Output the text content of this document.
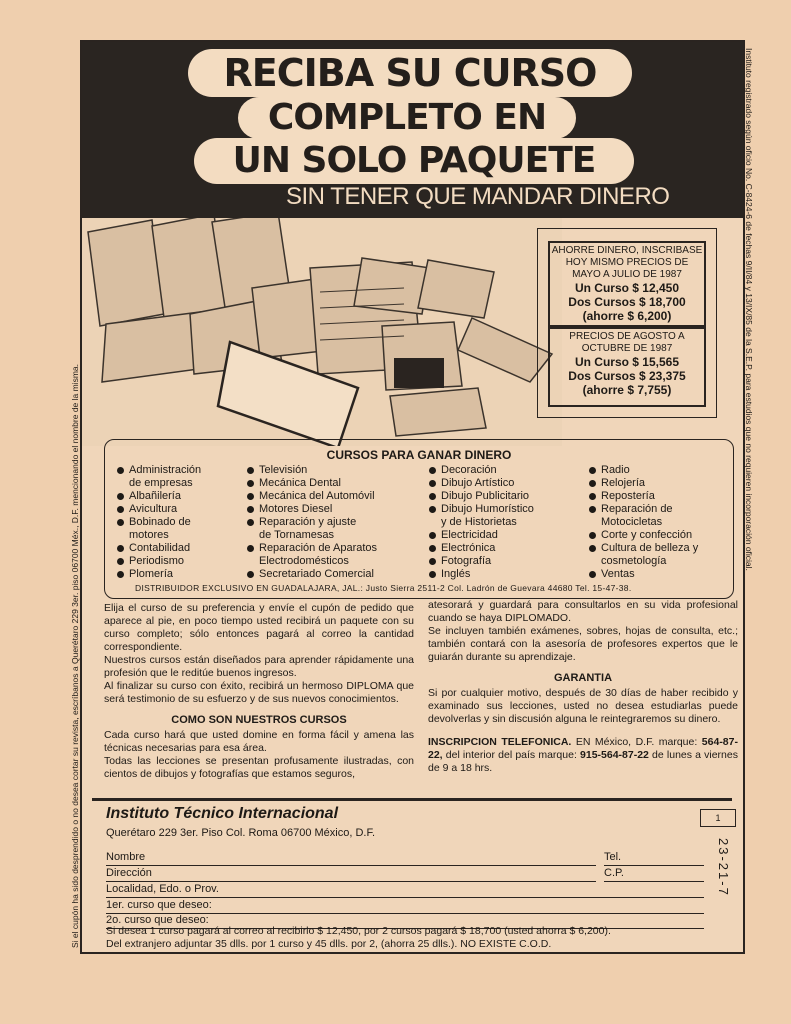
RECIBA SU CURSO
COMPLETO EN
UN SOLO PAQUETE
SIN TENER QUE MANDAR DINERO
AHORRE DINERO, INSCRIBASE HOY MISMO PRECIOS DE MAYO A JULIO DE 1987
Un Curso $ 12,450
Dos Cursos $ 18,700
(ahorre $ 6,200)
PRECIOS DE AGOSTO A OCTUBRE DE 1987
Un Curso $ 15,565
Dos Cursos $ 23,375
(ahorre $ 7,755)
CURSOS PARA GANAR DINERO
Administración
de empresas
Albañilería
Avicultura
Bobinado de
motores
Contabilidad
Periodismo
Plomería
Televisión
Mecánica Dental
Mecánica del Automóvil
Motores Diesel
Reparación y ajuste
de Tornamesas
Reparación de Aparatos
Electrodomésticos
Secretariado Comercial
Decoración
Dibujo Artístico
Dibujo Publicitario
Dibujo Humorístico
y de Historietas
Electricidad
Electrónica
Fotografía
Inglés
Radio
Relojería
Repostería
Reparación de
Motocicletas
Corte y confección
Cultura de belleza y
cosmetología
Ventas
DISTRIBUIDOR EXCLUSIVO EN GUADALAJARA, JAL.: Justo Sierra 2511-2 Col. Ladrón de Guevara 44680 Tel. 15-47-38.
Elija el curso de su preferencia y envíe el cupón de pedido que aparece al pie, en poco tiempo usted recibirá un paquete con su curso completo; sólo entonces pagará al correo la cantidad correspondiente.
Nuestros cursos están diseñados para aprender rápidamente una profesión que le reditúe buenos ingresos.
Al finalizar su curso con éxito, recibirá un hermoso DIPLOMA que será testimonio de su esfuerzo y de sus nuevos conocimientos.
COMO SON NUESTROS CURSOS
Cada curso hará que usted domine en forma fácil y amena las técnicas necesarias para esa área.
Todas las lecciones se presentan profusamente ilustradas, con cientos de dibujos y fotografías que estamos seguros,
atesorará y guardará para consultarlos en su vida profesional cuando se haya DIPLOMADO.
Se incluyen también exámenes, sobres, hojas de consulta, etc.; también contará con la asesoría de profesores expertos que le guiarán durante su aprendizaje.
GARANTIA
Si por cualquier motivo, después de 30 días de haber recibido y examinado sus lecciones, usted no desea estudiarlas puede devolverlas y sin discusión alguna le reintegraremos su dinero.
INSCRIPCION TELEFONICA. EN México, D.F. marque: 564-87-22, del interior del país marque: 915-564-87-22 de lunes a viernes de 9 a 18 hrs.
Instituto Técnico Internacional
Querétaro 229 3er. Piso Col. Roma 06700 México, D.F.
1
Nombre	Tel.
Dirección	C.P.
Localidad, Edo. o Prov.
1er. curso que deseo:
2o. curso que deseo:
Si desea 1 curso pagará al correo al recibirlo $ 12,450, por 2 cursos pagará $ 18,700 (usted ahorra $ 6,200).
Del extranjero adjuntar 35 dlls. por 1 curso y 45 dlls. por 2, (ahorra 25 dlls.). NO EXISTE C.O.D.
23-21-7
Instituto registrado según oficio No. C-8424-6 de fechas 9/II/84 y 13/IX/85 de la S.E.P. para estudios que no requieren incorporación oficial.
Si el cupón ha sido desprendido o no desea cortar su revista, escríbanos a Querétaro 229 3er. piso 06700 Méx., D.F. mencionando el nombre de la misma.
